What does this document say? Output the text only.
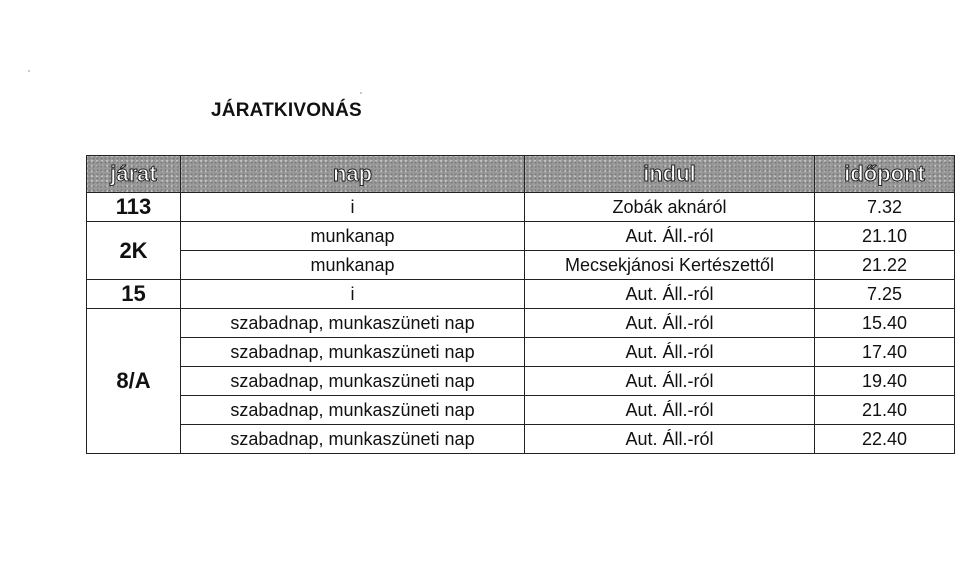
JÁRATKIVONÁS
járat	nap	indul	időpont
113	i	Zobák aknáról	7.32
2K	munkanap	Aut. Áll.-ról	21.10
	munkanap	Mecsekjánosi Kertészettől	21.22
15	i	Aut. Áll.-ról	7.25
8/A	szabadnap, munkaszüneti nap	Aut. Áll.-ról	15.40
	szabadnap, munkaszüneti nap	Aut. Áll.-ról	17.40
	szabadnap, munkaszüneti nap	Aut. Áll.-ról	19.40
	szabadnap, munkaszüneti nap	Aut. Áll.-ról	21.40
	szabadnap, munkaszüneti nap	Aut. Áll.-ról	22.40
